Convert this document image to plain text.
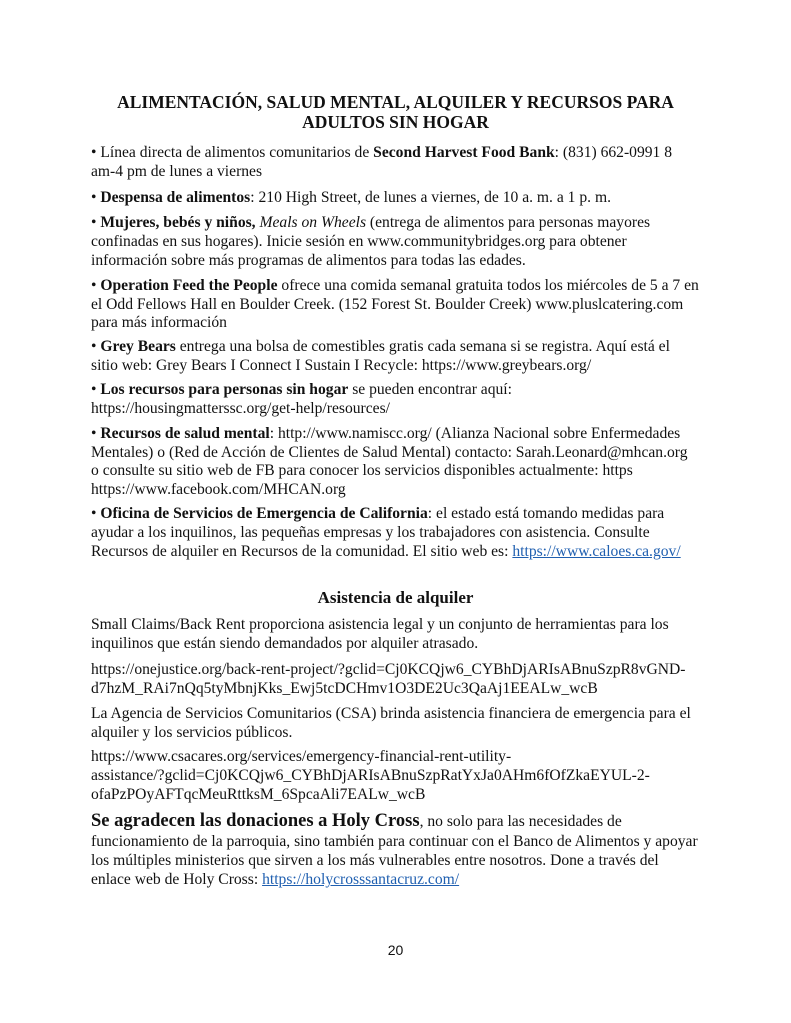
ALIMENTACIÓN, SALUD MENTAL, ALQUILER Y RECURSOS PARA
ADULTOS SIN HOGAR
• Línea directa de alimentos comunitarios de Second Harvest Food Bank: (831) 662-0991 8
am-4 pm de lunes a viernes
• Despensa de alimentos: 210 High Street, de lunes a viernes, de 10 a. m. a 1 p. m.
• Mujeres, bebés y niños, Meals on Wheels (entrega de alimentos para personas mayores
confinadas en sus hogares). Inicie sesión en www.communitybridges.org para obtener
información sobre más programas de alimentos para todas las edades.
• Operation Feed the People ofrece una comida semanal gratuita todos los miércoles de 5 a 7 en
el Odd Fellows Hall en Boulder Creek. (152 Forest St. Boulder Creek) www.pluslcatering.com
para más información
• Grey Bears entrega una bolsa de comestibles gratis cada semana si se registra. Aquí está el
sitio web: Grey Bears I Connect I Sustain I Recycle: https://www.greybears.org/
• Los recursos para personas sin hogar se pueden encontrar aquí:
https://housingmatterssc.org/get-help/resources/
• Recursos de salud mental: http://www.namiscc.org/ (Alianza Nacional sobre Enfermedades
Mentales) o (Red de Acción de Clientes de Salud Mental) contacto: Sarah.Leonard@mhcan.org
o consulte su sitio web de FB para conocer los servicios disponibles actualmente: https
https://www.facebook.com/MHCAN.org
• Oficina de Servicios de Emergencia de California: el estado está tomando medidas para
ayudar a los inquilinos, las pequeñas empresas y los trabajadores con asistencia. Consulte
Recursos de alquiler en Recursos de la comunidad. El sitio web es: https://www.caloes.ca.gov/
Asistencia de alquiler
Small Claims/Back Rent proporciona asistencia legal y un conjunto de herramientas para los
inquilinos que están siendo demandados por alquiler atrasado.
https://onejustice.org/back-rent-project/?gclid=Cj0KCQjw6_CYBhDjARIsABnuSzpR8vGND-
d7hzM_RAi7nQq5tyMbnjKks_Ewj5tcDCHmv1O3DE2Uc3QaAj1EEALw_wcB
La Agencia de Servicios Comunitarios (CSA) brinda asistencia financiera de emergencia para el
alquiler y los servicios públicos.
https://www.csacares.org/services/emergency-financial-rent-utility-
assistance/?gclid=Cj0KCQjw6_CYBhDjARIsABnuSzpRatYxJa0AHm6fOfZkaEYUL-2-
ofaPzPOyAFTqcMeuRttksM_6SpcaAli7EALw_wcB
Se agradecen las donaciones a Holy Cross, no solo para las necesidades de
funcionamiento de la parroquia, sino también para continuar con el Banco de Alimentos y apoyar
los múltiples ministerios que sirven a los más vulnerables entre nosotros. Done a través del
enlace web de Holy Cross: https://holycrosssantacruz.com/
20
